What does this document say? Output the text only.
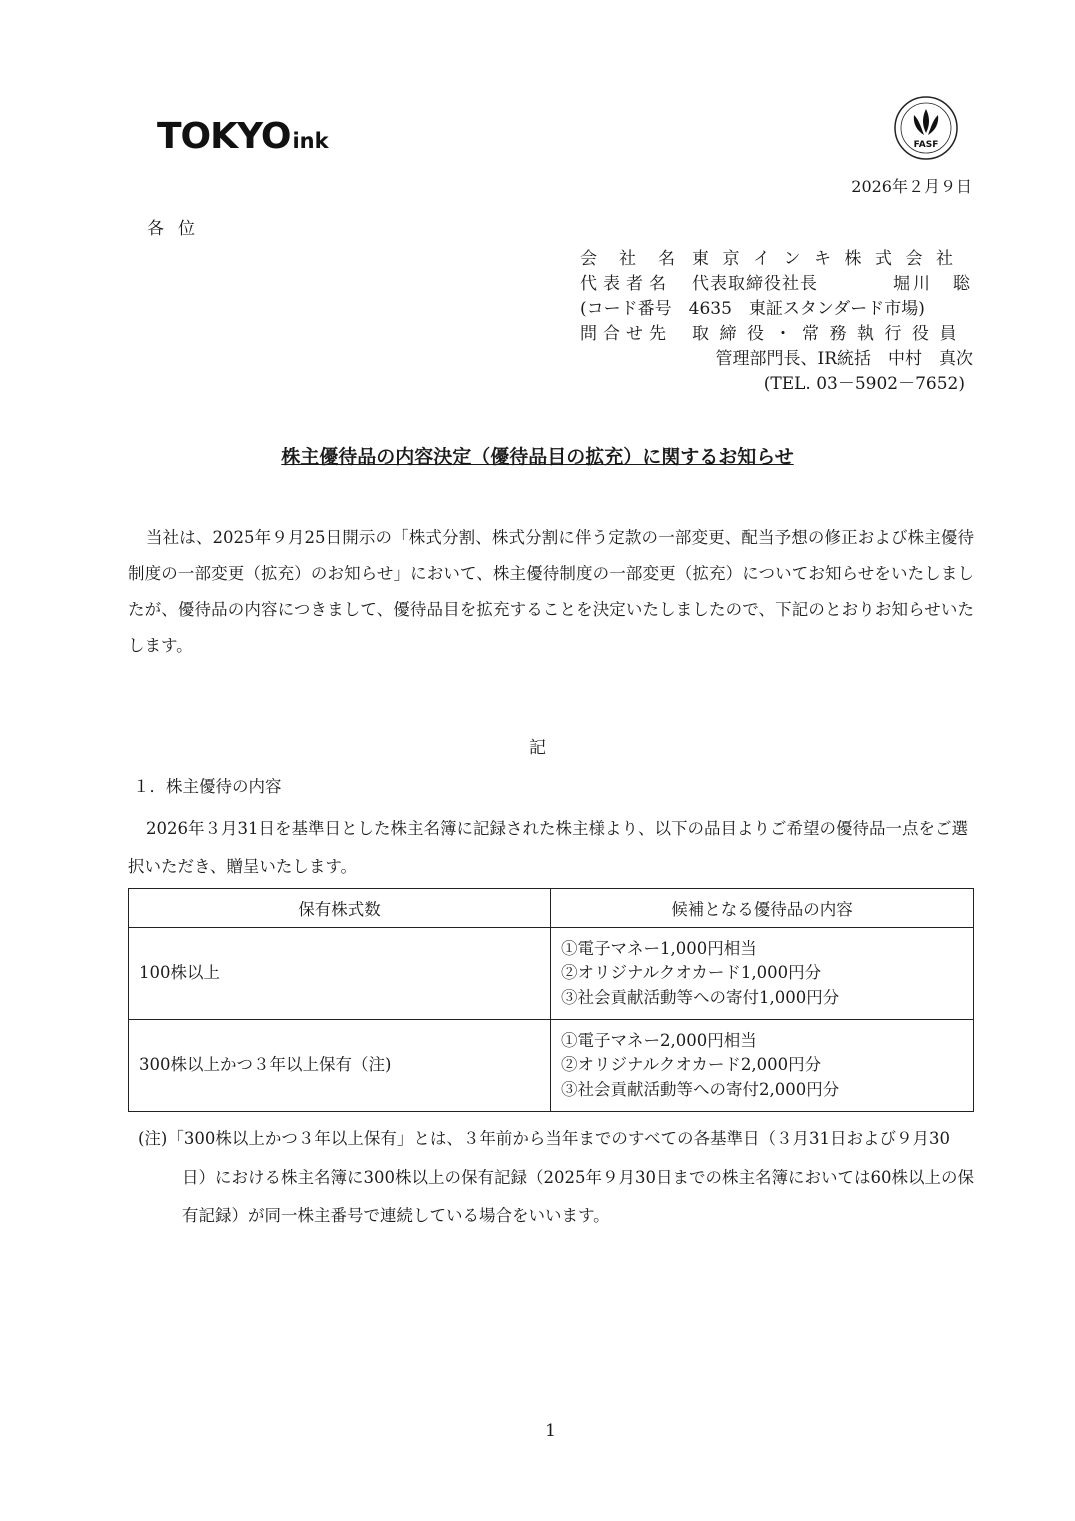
TOKYO ink	FASF
2026年２月９日
各位
会社名
東京インキ株式会社
代表者名	代表取締役社長	堀川　聡
(コード番号　4635　東証スタンダード市場)
問合せ先	取締役・常務執行役員
管理部門長、IR統括　中村　真次
(TEL. 03－5902－7652)
株主優待品の内容決定（優待品目の拡充）に関するお知らせ
当社は、2025年９月25日開示の「株式分割、株式分割に伴う定款の一部変更、配当予想の修正および株主優待制度の一部変更（拡充）のお知らせ」において、株主優待制度の一部変更（拡充）についてお知らせをいたしましたが、優待品の内容につきまして、優待品目を拡充することを決定いたしましたので、下記のとおりお知らせいたします。
記
１．株主優待の内容
2026年３月31日を基準日とした株主名簿に記録された株主様より、以下の品目よりご希望の優待品一点をご選択いただき、贈呈いたします。
保有株式数	候補となる優待品の内容
100株以上	①電子マネー1,000円相当
②オリジナルクオカード1,000円分
③社会貢献活動等への寄付1,000円分

300株以上かつ３年以上保有（注)	①電子マネー2,000円相当
②オリジナルクオカード2,000円分
③社会貢献活動等への寄付2,000円分
(注)「300株以上かつ３年以上保有」とは、３年前から当年までのすべての各基準日（３月31日および９月30日）における株主名簿に300株以上の保有記録（2025年９月30日までの株主名簿においては60株以上の保有記録）が同一株主番号で連続している場合をいいます。
1
